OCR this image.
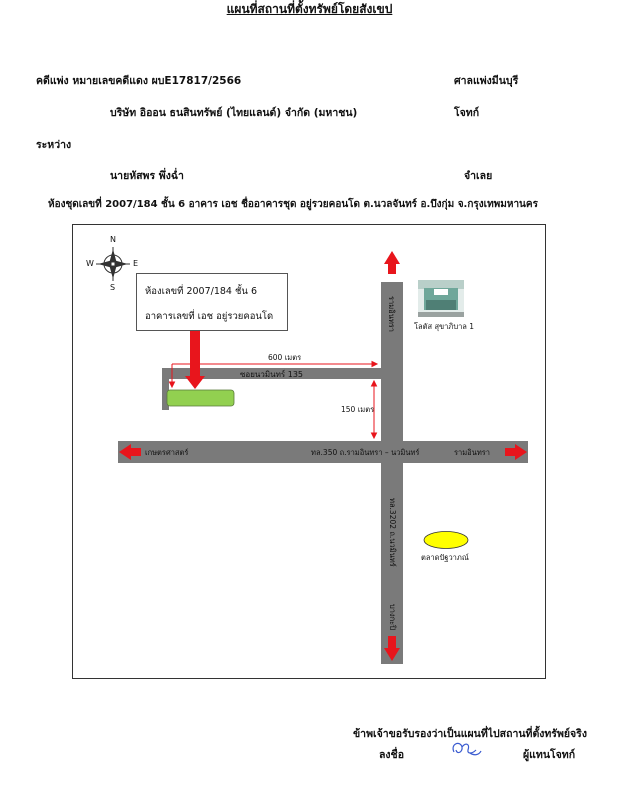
แผนที่สถานที่ตั้งทรัพย์โดยสังเขป
คดีแพ่ง หมายเลขคดีแดง ผบE17817/2566	ศาลแพ่งมีนบุรี
บริษัท อิออน ธนสินทรัพย์ (ไทยแลนด์) จำกัด (มหาชน)	โจทก์
ระหว่าง
นายหัสพร พึ่งฉ่ำ	จำเลย
ห้องชุดเลขที่ 2007/184 ชั้น 6 อาคาร เอช ชื่ออาคารชุด อยู่รวยคอนโด ต.นวลจันทร์ อ.บึงกุ่ม จ.กรุงเทพมหานคร
N
S
E
W
ห้องเลขที่ 2007/184 ชั้น 6
อาคารเลขที่ เอช อยู่รวยคอนโด
600 เมตร
150 เมตร
ซอยนวมินทร์ 135
ทล.350 ถ.รามอินทรา – นวมินทร์
เกษตรศาสตร์	รามอินทรา
รามอินทรา
ทล.3202 ถ.นวมินทร์
บางกะปิ
โลตัส สุขาภิบาล 1
ตลาดปัฐวาภณ์
ข้าพเจ้าขอรับรองว่าเป็นแผนที่ไปสถานที่ตั้งทรัพย์จริง
ลงชื่อ	ผู้แทนโจทก์
